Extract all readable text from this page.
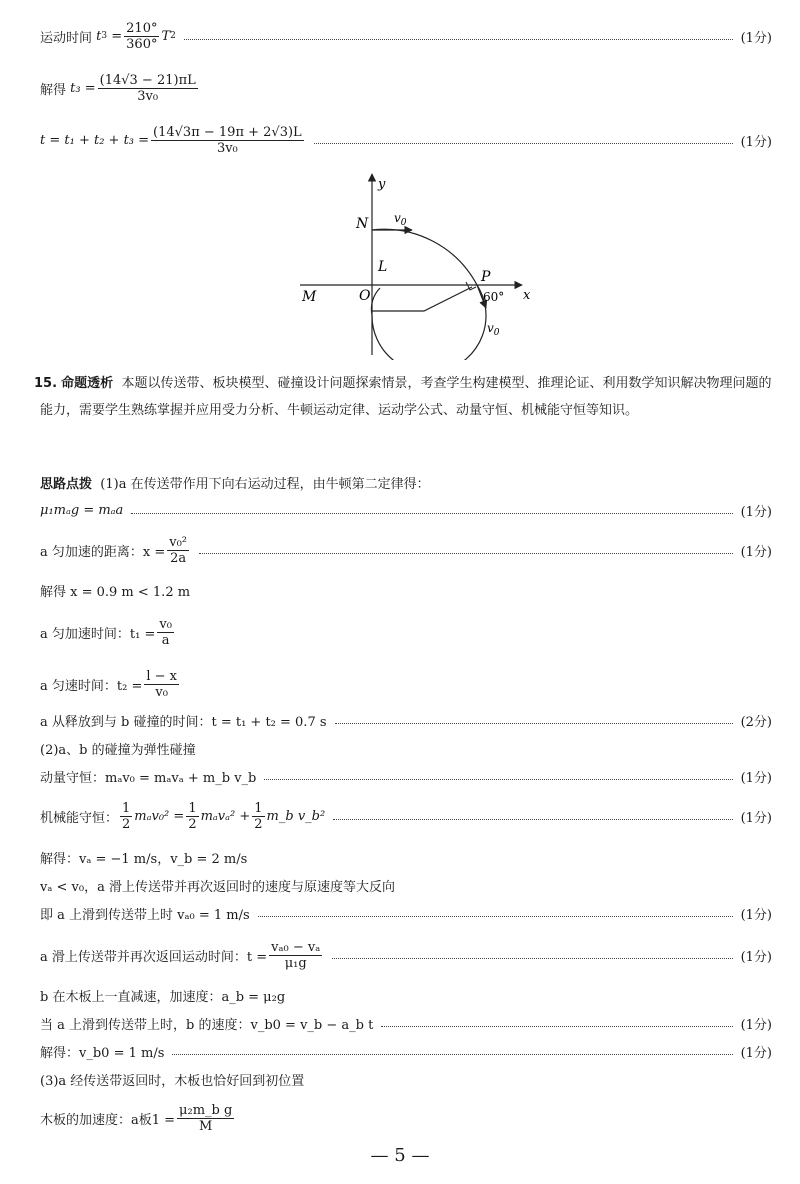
运动时间
t $3 = \frac{210^\circ}{360^\circ}$ T 2	(1分)
解得
$t_3 = \frac{(14√3 - 21)\pi L}{\text{3v₀}}$
$t = t_1 + t_2 + t_3 = \frac{(14√3\pi - 19\pi + 2√3)L}{\text{3v₀}}$	(1分)
y
x
N $v_0$
L
M	O
P
60°
$v_0$
15. 命题透析 本题以传送带、板块模型、碰撞设计问题探索情景，考查学生构建模型、推理论证、利用数学知识解决物理问题的能力，需要学生熟练掌握并应用受力分析、牛顿运动定律、运动学公式、动量守恒、机械能守恒等知识。
思路点拨
(1)a 在传送带作用下向右运动过程，由牛顿第二定律得：
μ₁mₐg = mₐa	(1分)
a 匀加速的距离：$x = \frac{\text{v₀²}}{2a}$	(1分)
解得 x = 0.9 m < 1.2 m
a 匀加速时间：$t_1 = \frac{\text{v₀}}{a}$
a 匀速时间：$t_2 = \frac{l - x}{\text{v₀}}$
a 从释放到与 b 碰撞的时间：t = t₁ + t₂ = 0.7 s	(2分)
(2)a、b 的碰撞为弹性碰撞
动量守恒：mₐv₀ = mₐvₐ + m_b v_b	(1分)
机械能守恒： $\frac{1}{2} m_av_0^2 = \frac{1}{2} m_av_a^2 + \frac{1}{2}$ m_b v_b²	(1分)
解得：vₐ = −1 m/s，v_b = 2 m/s
vₐ < v₀，a 滑上传送带并再次返回时的速度与原速度等大反向
即 a 上滑到传送带上时 vₐ₀ = 1 m/s	(1分)
a 滑上传送带并再次返回运动时间：$t = \frac{\text{vₐ₀ − vₐ}}{\text{μ₁g}}$	(1分)
b 在木板上一直减速，加速度：a_b = μ₂g
当 a 上滑到传送带上时，b 的速度：v_b0 = v_b − a_b t	(1分)
解得：v_b0 = 1 m/s	(1分)
(3)a 经传送带返回时，木板也恰好回到初位置
木板的加速度：a板$1 = \frac{\text{μ₂m\_b g}}{M}$
— 5 —
